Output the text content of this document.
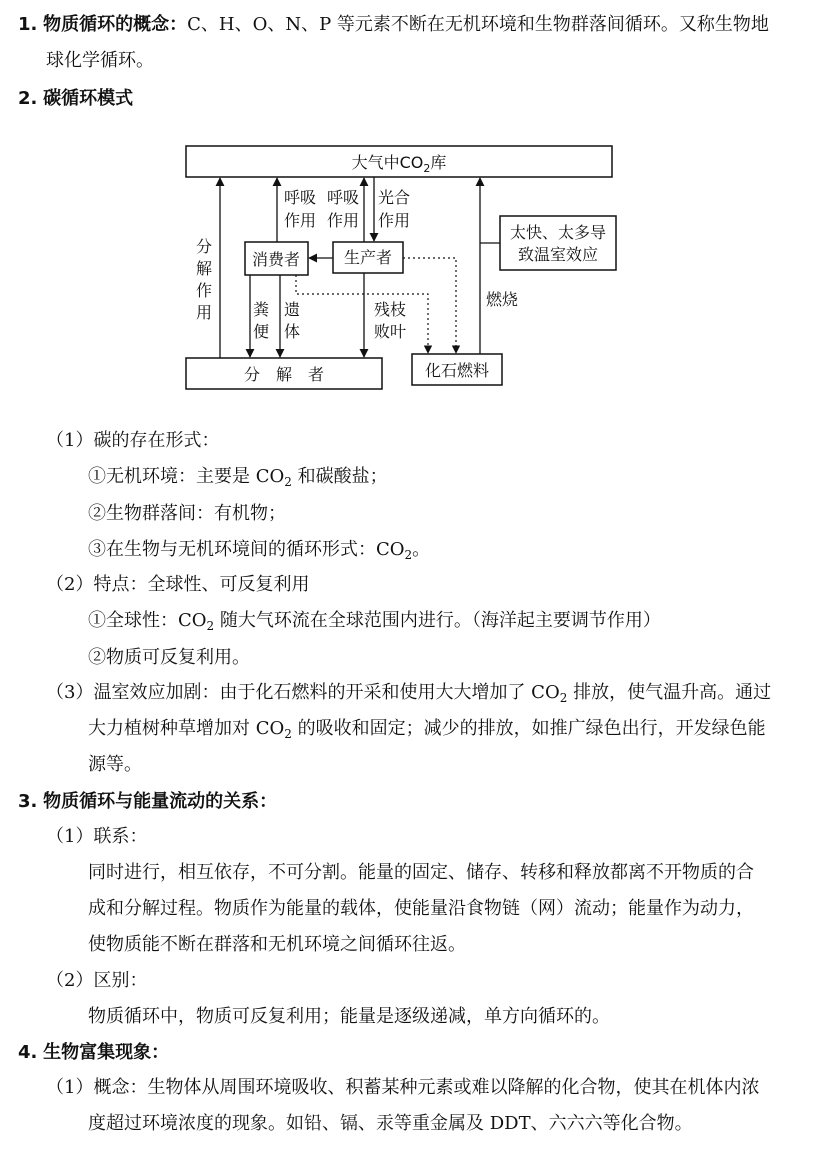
1. 物质循环的概念：C、H、O、N、P 等元素不断在无机环境和生物群落间循环。又称生物地
球化学循环。
2. 碳循环模式
大气中$CO_2$库
消费者	生产者
分　解　者	化石燃料
太快、太多导
致温室效应
呼吸
作用
呼吸
作用
光合
作用
分
解
作
用	粪
便
遗
体
残枝
败叶
燃烧
（1）碳的存在形式：
①无机环境：主要是 $CO_2$ 和碳酸盐；
②生物群落间：有机物；
③在生物与无机环境间的循环形式：$CO_2$。
（2）特点：全球性、可反复利用
①全球性：$CO_2$ 随大气环流在全球范围内进行。（海洋起主要调节作用）
②物质可反复利用。
（3）温室效应加剧：由于化石燃料的开采和使用大大增加了 $CO_2$ 排放，使气温升高。通过
大力植树种草增加对 $CO_2$ 的吸收和固定；减少的排放，如推广绿色出行，开发绿色能
源等。
3. 物质循环与能量流动的关系：
（1）联系：
同时进行，相互依存，不可分割。能量的固定、储存、转移和释放都离不开物质的合
成和分解过程。物质作为能量的载体，使能量沿食物链（网）流动；能量作为动力，
使物质能不断在群落和无机环境之间循环往返。
（2）区别：
物质循环中，物质可反复利用；能量是逐级递减，单方向循环的。
4. 生物富集现象：
（1）概念：生物体从周围环境吸收、积蓄某种元素或难以降解的化合物，使其在机体内浓
度超过环境浓度的现象。如铅、镉、汞等重金属及 DDT、六六六等化合物。
